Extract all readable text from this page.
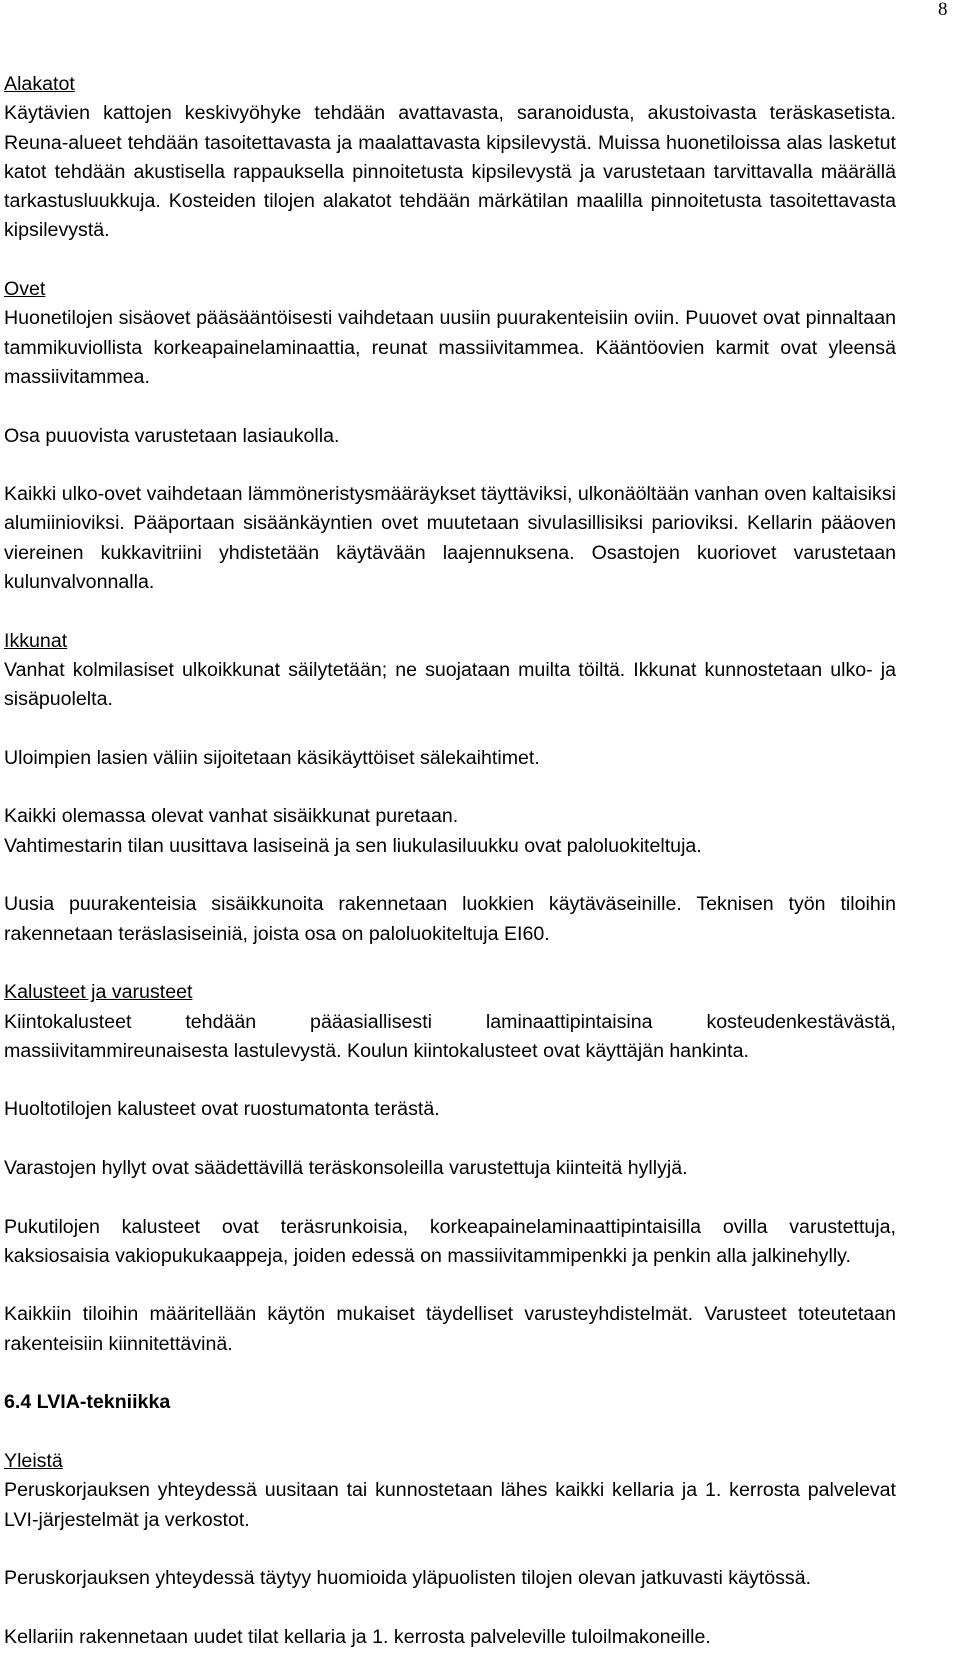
8
Alakatot

Käytävien kattojen keskivyöhyke tehdään avattavasta, saranoidusta, akustoivasta teräskasetista. Reuna-alueet tehdään tasoitettavasta ja maalattavasta kipsilevystä. Muissa huonetiloissa alas lasketut katot tehdään akustisella rappauksella pinnoitetusta kipsilevystä ja varustetaan tarvittavalla määrällä tarkastusluukkuja. Kosteiden tilojen alakatot tehdään märkätilan maalilla pinnoitetusta tasoitettavasta kipsilevystä.

Ovet

Huonetilojen sisäovet pääsääntöisesti vaihdetaan uusiin puurakenteisiin oviin. Puuovet ovat pinnaltaan tammikuviollista korkeapainelaminaattia, reunat massiivitammea. Kääntöovien karmit ovat yleensä massiivitammea.

Osa puuovista varustetaan lasiaukolla.

Kaikki ulko-ovet vaihdetaan lämmöneristysmääräykset täyttäviksi, ulkonäöltään vanhan oven kaltaisiksi alumiinioviksi. Pääportaan sisäänkäyntien ovet muutetaan sivulasillisiksi parioviksi. Kellarin pääoven viereinen kukkavitriini yhdistetään käytävään laajennuksena. Osastojen kuoriovet varustetaan kulunvalvonnalla.

Ikkunat

Vanhat kolmilasiset ulkoikkunat säilytetään; ne suojataan muilta töiltä. Ikkunat kunnostetaan ulko- ja sisäpuolelta.

Uloimpien lasien väliin sijoitetaan käsikäyttöiset sälekaihtimet.

Kaikki olemassa olevat vanhat sisäikkunat puretaan.

Vahtimestarin tilan uusittava lasiseinä ja sen liukulasiluukku ovat paloluokiteltuja.

Uusia puurakenteisia sisäikkunoita rakennetaan luokkien käytäväseinille. Teknisen työn tiloihin rakennetaan teräslasiseiniä, joista osa on paloluokiteltuja EI60.

Kalusteet ja varusteet

Kiintokalusteet tehdään pääasiallisesti laminaattipintaisina kosteudenkestävästä, massiivitammireunaisesta lastulevystä. Koulun kiintokalusteet ovat käyttäjän hankinta.

Huoltotilojen kalusteet ovat ruostumatonta terästä.

Varastojen hyllyt ovat säädettävillä teräskonsoleilla varustettuja kiinteitä hyllyjä.

Pukutilojen kalusteet ovat teräsrunkoisia, korkeapainelaminaattipintaisilla ovilla varustettuja, kaksiosaisia vakiopukukaappeja, joiden edessä on massiivitammipenkki ja penkin alla jalkinehylly.

Kaikkiin tiloihin määritellään käytön mukaiset täydelliset varusteyhdistelmät. Varusteet toteutetaan rakenteisiin kiinnitettävinä.

6.4 LVIA-tekniikka
Yleistä

Peruskorjauksen yhteydessä uusitaan tai kunnostetaan lähes kaikki kellaria ja 1. kerrosta palvelevat LVI-järjestelmät ja verkostot.

Peruskorjauksen yhteydessä täytyy huomioida yläpuolisten tilojen olevan jatkuvasti käytössä.

Kellariin rakennetaan uudet tilat kellaria ja 1. kerrosta palveleville tuloilmakoneille.
